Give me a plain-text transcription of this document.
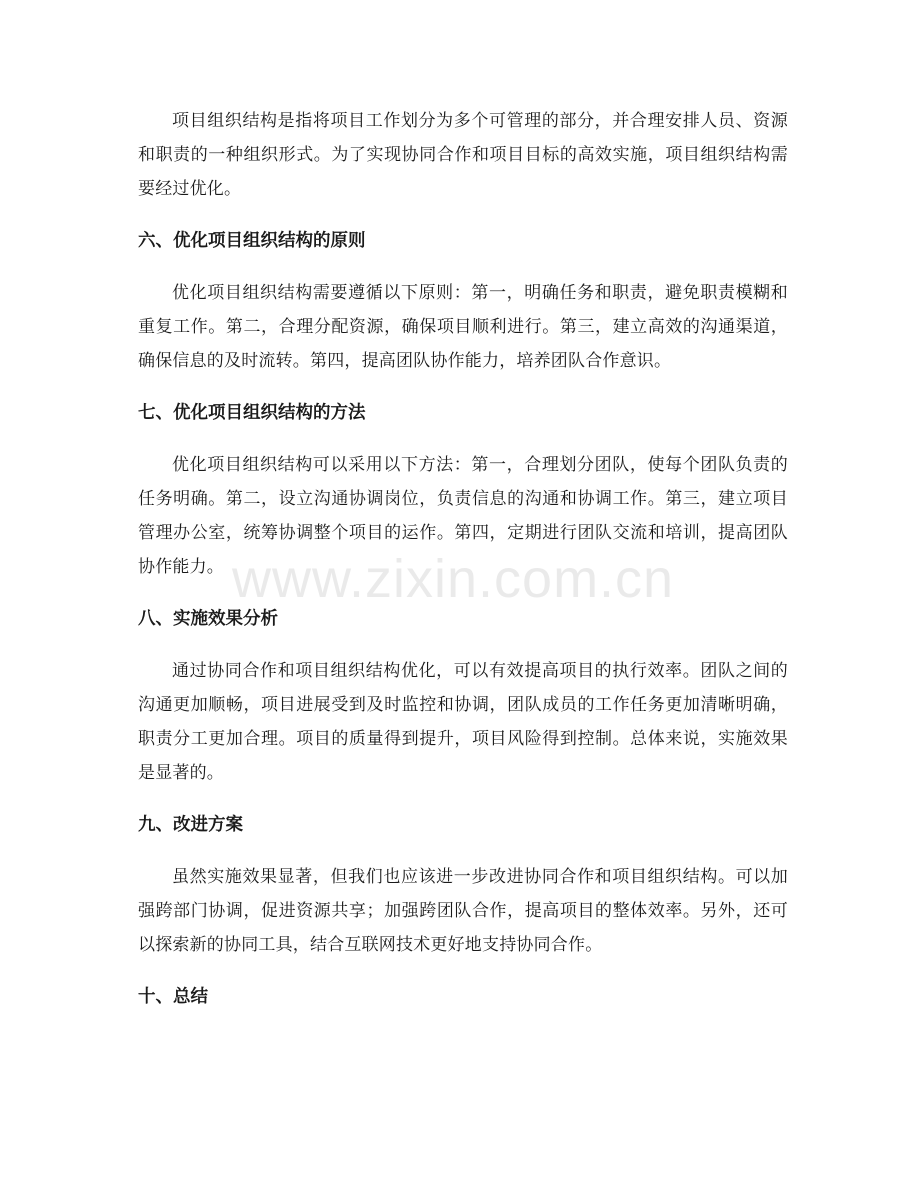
项目组织结构是指将项目工作划分为多个可管理的部分，并合理安排人员、资源和职责的一种组织形式。为了实现协同合作和项目目标的高效实施，项目组织结构需要经过优化。

六、优化项目组织结构的原则

优化项目组织结构需要遵循以下原则：第一，明确任务和职责，避免职责模糊和重复工作。第二，合理分配资源，确保项目顺利进行。第三，建立高效的沟通渠道，确保信息的及时流转。第四，提高团队协作能力，培养团队合作意识。

七、优化项目组织结构的方法

优化项目组织结构可以采用以下方法：第一，合理划分团队，使每个团队负责的任务明确。第二，设立沟通协调岗位，负责信息的沟通和协调工作。第三，建立项目管理办公室，统筹协调整个项目的运作。第四，定期进行团队交流和培训，提高团队协作能力。

八、实施效果分析

通过协同合作和项目组织结构优化，可以有效提高项目的执行效率。团队之间的沟通更加顺畅，项目进展受到及时监控和协调，团队成员的工作任务更加清晰明确，职责分工更加合理。项目的质量得到提升，项目风险得到控制。总体来说，实施效果是显著的。

九、改进方案

虽然实施效果显著，但我们也应该进一步改进协同合作和项目组织结构。可以加强跨部门协调，促进资源共享；加强跨团队合作，提高项目的整体效率。另外，还可以探索新的协同工具，结合互联网技术更好地支持协同合作。

十、总结
www.zixin.com.cn
